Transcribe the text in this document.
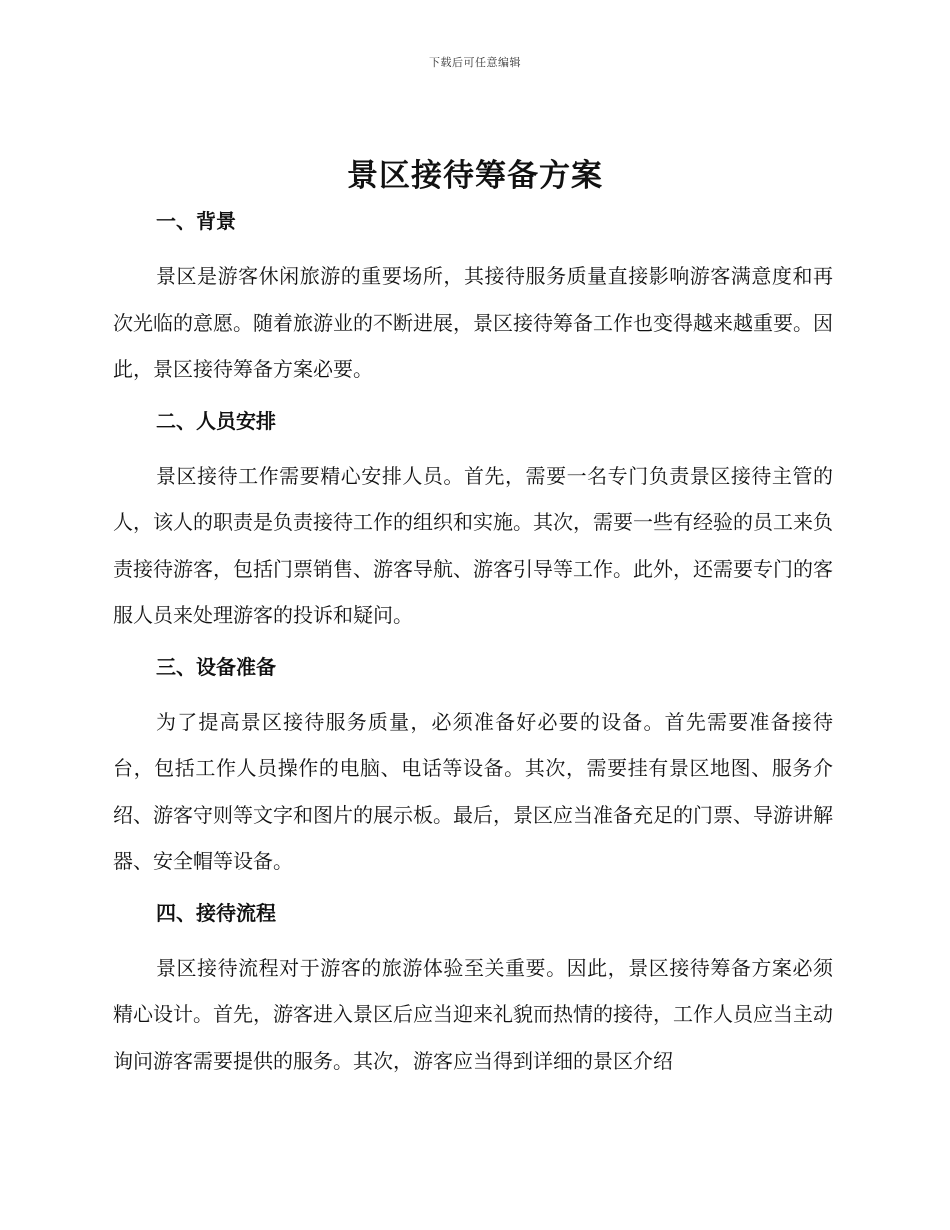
下载后可任意编辑
景区接待筹备方案
一、背景

景区是游客休闲旅游的重要场所，其接待服务质量直接影响游客满意度和再次光临的意愿。随着旅游业的不断进展，景区接待筹备工作也变得越来越重要。因此，景区接待筹备方案必要。

二、人员安排

景区接待工作需要精心安排人员。首先，需要一名专门负责景区接待主管的人，该人的职责是负责接待工作的组织和实施。其次，需要一些有经验的员工来负责接待游客，包括门票销售、游客导航、游客引导等工作。此外，还需要专门的客服人员来处理游客的投诉和疑问。

三、设备准备

为了提高景区接待服务质量，必须准备好必要的设备。首先需要准备接待台，包括工作人员操作的电脑、电话等设备。其次，需要挂有景区地图、服务介绍、游客守则等文字和图片的展示板。最后，景区应当准备充足的门票、导游讲解器、安全帽等设备。

四、接待流程

景区接待流程对于游客的旅游体验至关重要。因此，景区接待筹备方案必须精心设计。首先，游客进入景区后应当迎来礼貌而热情的接待，工作人员应当主动询问游客需要提供的服务。其次，游客应当得到详细的景区介绍
